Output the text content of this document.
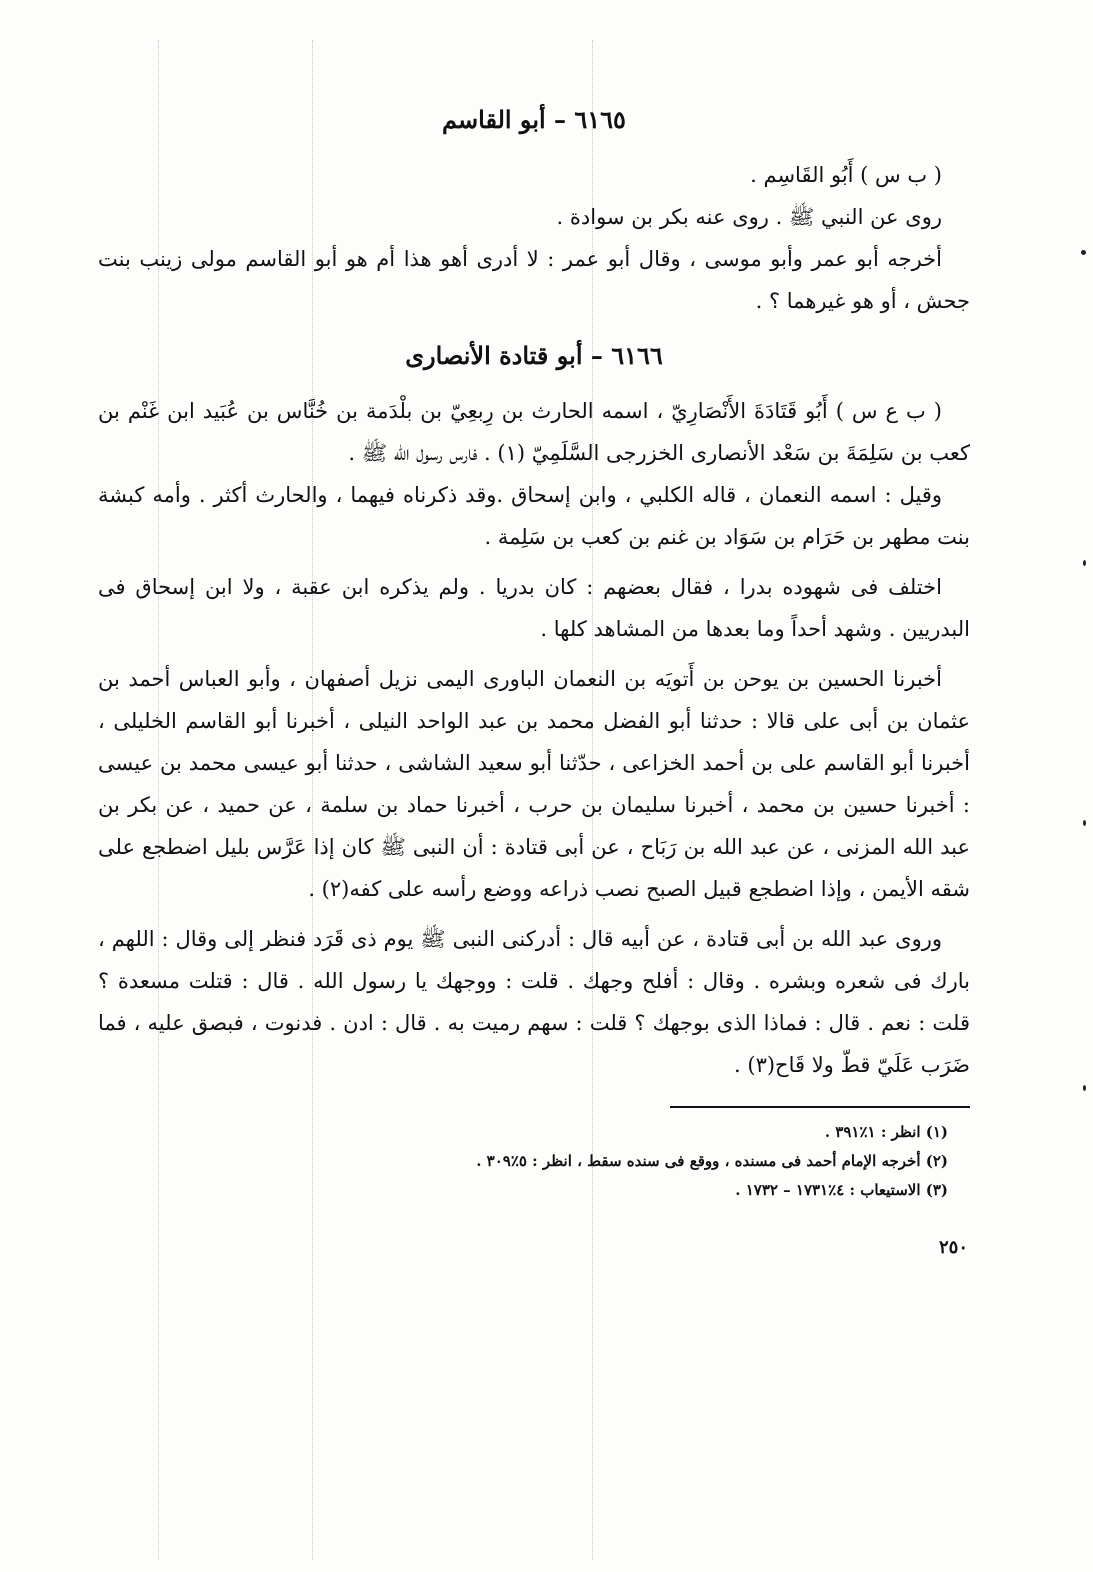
٦١٦٥ – أبو القاسم

( ب س ) أَبُو القَاسِم .

روى عن النبي ﷺ . روى عنه بكر بن سوادة .

أخرجه أبو عمر وأبو موسى ، وقال أبو عمر : لا أدرى أهو هذا أم هو أبو القاسم مولى زينب بنت جحش ، أو هو غيرهما ؟ .

٦١٦٦ – أبو قتادة الأنصارى

( ب ع س ) أَبُو قَتَادَةَ الأَنْصَارِيّ ، اسمه الحارث بن رِبعِيّ بن بلْدَمة بن خُنَّاس بن عُبَيد ابن غَنْم بن كعب بن سَلِمَةَ بن سَعْد الأنصارى الخزرجى السَّلَمِيّ (١) . فارس رسول الله ﷺ .

وقيل : اسمه النعمان ، قاله الكلبي ، وابن إسحاق .وقد ذكرناه فيهما ، والحارث أكثر . وأمه كبشة بنت مطهر بن حَرَام بن سَوَاد بن غنم بن كعب بن سَلِمة .

اختلف فى شهوده بدرا ، فقال بعضهم : كان بدريا . ولم يذكره ابن عقبة ، ولا ابن إسحاق فى البدريين . وشهد أحداً وما بعدها من المشاهد كلها .

أخبرنا الحسين بن يوحن بن أَتويَه بن النعمان الباورى اليمى نزيل أصفهان ، وأبو العباس أحمد بن عثمان بن أبى على قالا : حدثنا أبو الفضل محمد بن عبد الواحد النيلى ، أخبرنا أبو القاسم الخليلى ، أخبرنا أبو القاسم على بن أحمد الخزاعى ، حدّثنا أبو سعيد الشاشى ، حدثنا أبو عيسى محمد بن عيسى : أخبرنا حسين بن محمد ، أخبرنا سليمان بن حرب ، أخبرنا حماد بن سلمة ، عن حميد ، عن بكر بن عبد الله المزنى ، عن عبد الله بن رَبَاح ، عن أبى قتادة : أن النبى ﷺ كان إذا عَرَّس بليل اضطجع على شقه الأيمن ، وإذا اضطجع قبيل الصبح نصب ذراعه ووضع رأسه على كفه(٢) .

وروى عبد الله بن أبى قتادة ، عن أبيه قال : أدركنى النبى ﷺ يوم ذى قَرَد فنظر إلى وقال : اللهم ، بارك فى شعره وبشره . وقال : أفلح وجهك . قلت : ووجهك يا رسول الله . قال : قتلت مسعدة ؟ قلت : نعم . قال : فماذا الذى بوجهك ؟ قلت : سهم رميت به . قال : ادن . فدنوت ، فبصق عليه ، فما ضَرَب عَلَيّ قطّ ولا قَاح(٣) .

(١) انظر : ١٪٣٩١ .

(٢) أخرجه الإمام أحمد فى مسنده ، ووقع فى سنده سقط ، انظر : ٥٪٣٠٩ .

(٣) الاستيعاب : ٤٪١٧٣١ – ١٧٣٢ .

٢٥٠
